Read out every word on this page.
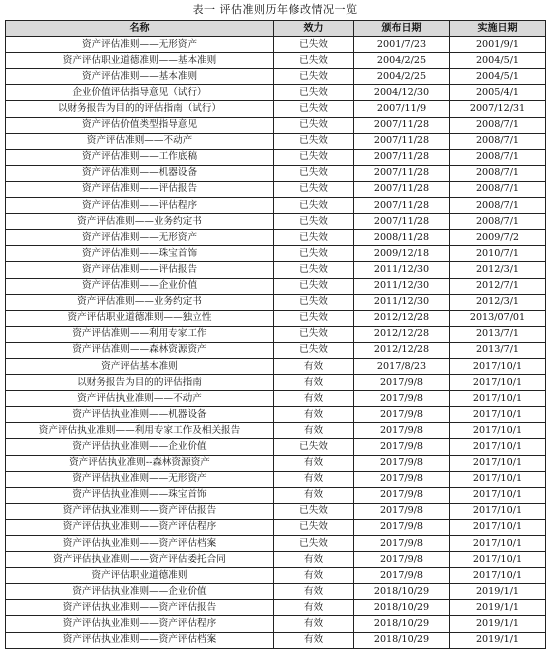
表一 评估准则历年修改情况一览
名称	效力	颁布日期	实施日期
资产评估准则——无形资产	已失效	2001/7/23	2001/9/1
资产评估职业道德准则——基本准则	已失效	2004/2/25	2004/5/1
资产评估准则——基本准则	已失效	2004/2/25	2004/5/1
企业价值评估指导意见（试行）	已失效	2004/12/30	2005/4/1
以财务报告为目的的评估指南（试行）	已失效	2007/11/9	2007/12/31
资产评估价值类型指导意见	已失效	2007/11/28	2008/7/1
资产评估准则——不动产	已失效	2007/11/28	2008/7/1
资产评估准则——工作底稿	已失效	2007/11/28	2008/7/1
资产评估准则——机器设备	已失效	2007/11/28	2008/7/1
资产评估准则——评估报告	已失效	2007/11/28	2008/7/1
资产评估准则——评估程序	已失效	2007/11/28	2008/7/1
资产评估准则——业务约定书	已失效	2007/11/28	2008/7/1
资产评估准则——无形资产	已失效	2008/11/28	2009/7/2
资产评估准则——珠宝首饰	已失效	2009/12/18	2010/7/1
资产评估准则——评估报告	已失效	2011/12/30	2012/3/1
资产评估准则——企业价值	已失效	2011/12/30	2012/7/1
资产评估准则——业务约定书	已失效	2011/12/30	2012/3/1
资产评估职业道德准则——独立性	已失效	2012/12/28	2013/07/01
资产评估准则——利用专家工作	已失效	2012/12/28	2013/7/1
资产评估准则——森林资源资产	已失效	2012/12/28	2013/7/1
资产评估基本准则	有效	2017/8/23	2017/10/1
以财务报告为目的的评估指南	有效	2017/9/8	2017/10/1
资产评估执业准则——不动产	有效	2017/9/8	2017/10/1
资产评估执业准则——机器设备	有效	2017/9/8	2017/10/1
资产评估执业准则——利用专家工作及相关报告	有效	2017/9/8	2017/10/1
资产评估执业准则——企业价值	已失效	2017/9/8	2017/10/1
资产评估执业准则--森林资源资产	有效	2017/9/8	2017/10/1
资产评估执业准则——无形资产	有效	2017/9/8	2017/10/1
资产评估执业准则——珠宝首饰	有效	2017/9/8	2017/10/1
资产评估执业准则——资产评估报告	已失效	2017/9/8	2017/10/1
资产评估执业准则——资产评估程序	已失效	2017/9/8	2017/10/1
资产评估执业准则——资产评估档案	已失效	2017/9/8	2017/10/1
资产评估执业准则——资产评估委托合同	有效	2017/9/8	2017/10/1
资产评估职业道德准则	有效	2017/9/8	2017/10/1
资产评估执业准则——企业价值	有效	2018/10/29	2019/1/1
资产评估执业准则——资产评估报告	有效	2018/10/29	2019/1/1
资产评估执业准则——资产评估程序	有效	2018/10/29	2019/1/1
资产评估执业准则——资产评估档案	有效	2018/10/29	2019/1/1
